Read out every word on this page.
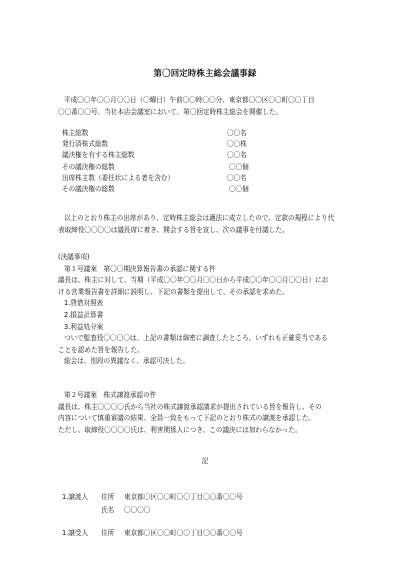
第〇回定時株主総会議事録

平成〇〇年〇〇月〇〇日（〇曜日）午前〇〇時〇〇分、東京都〇〇区〇〇町〇〇丁目

〇〇番〇〇号、当社本店会議室において、第〇回定時株主総会を開催した。

株主総数	〇〇名
発行済株式総数	〇〇株
議決権を有する株主総数	〇〇名
その議決権の総数	〇〇個
出席株主数（委任状による者を含む）	〇〇名
その議決権の総数	〇〇個

以上のとおり株主の出席があり、定時株主総会は適法に成立したので、定款の規程により代

表取締役〇〇〇〇は議長席に着き、開会する旨を宣し、次の議事を付議した。

(決議事項)

第１号議案　第〇〇期決算報告書の承認に関する件

議長は、株主に対して、当期（平成〇〇年〇〇月〇〇日から平成〇〇年〇〇月〇〇日）にお

ける営業報告書を詳細に説明し、下記の書類を提出して、その承認を求めた。

1.貸借対照表

2.損益計算書

3.利益処分案

ついで監査役〇〇〇〇は、上記の書類は綿密に調査したところ、いずれも正確妥当である

ことを認めた旨を報告した。

総会は、別段の異議なく、承認可決した。

第２号議案　株式譲渡承認の件

議長は、株主〇〇〇〇氏から当社の株式譲渡承認請求が提出されている旨を報告し、その

内容について慎重審議の結果、全員一致をもって下記のとおり株式の譲渡を承認した。

ただし、取締役〇〇〇〇氏は、利害関係人につき、この議決には加わらなかった。

記
1.譲渡人 住所 東京都〇区〇〇町〇〇丁目〇〇番〇〇号
氏名 〇〇〇〇
1.譲受人 住所 東京都〇区〇〇町〇〇丁目〇〇番〇〇号
